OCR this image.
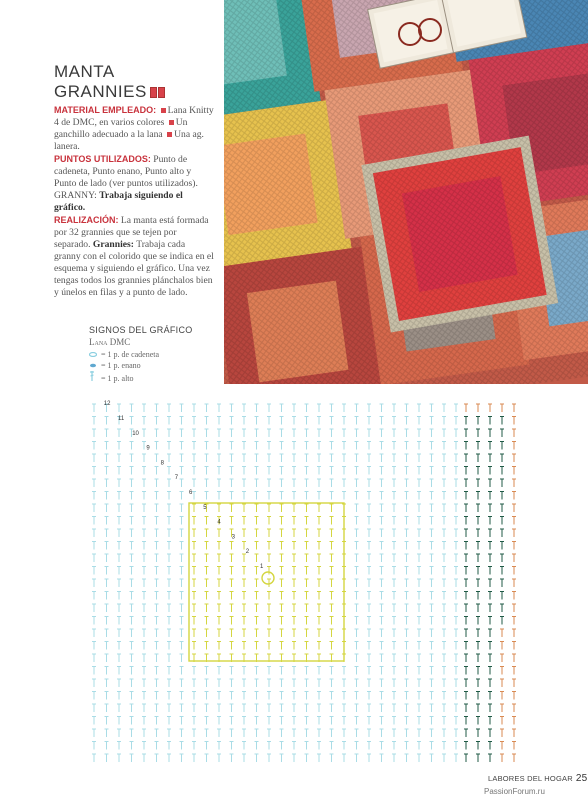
MANTA
GRANNIES
MATERIAL EMPLEADO: Lana Knitty 4 de DMC, en varios colores Un ganchillo adecuado a la lana Una ag. lanera.
PUNTOS UTILIZADOS: Punto de cadeneta, Punto enano, Punto alto y Punto de lado (ver puntos utilizados). GRANNY: Trabaja siguiendo el gráfico.
REALIZACIÓN: La manta está formada por 32 grannies que se tejen por separado. Grannies: Trabaja cada granny con el colorido que se indica en el esquema y siguiendo el gráfico. Una vez tengas todos los grannies plánchalos bien y únelos en filas y a punto de lado.
SIGNOS DEL GRÁFICO
Lana DMC
= 1 p. de cadeneta
= 1 p. enano
= 1 p. alto
1
2
3
4
5
6
7
8
9
10
11
12
LABORES DEL HOGAR 25
PassionForum.ru
